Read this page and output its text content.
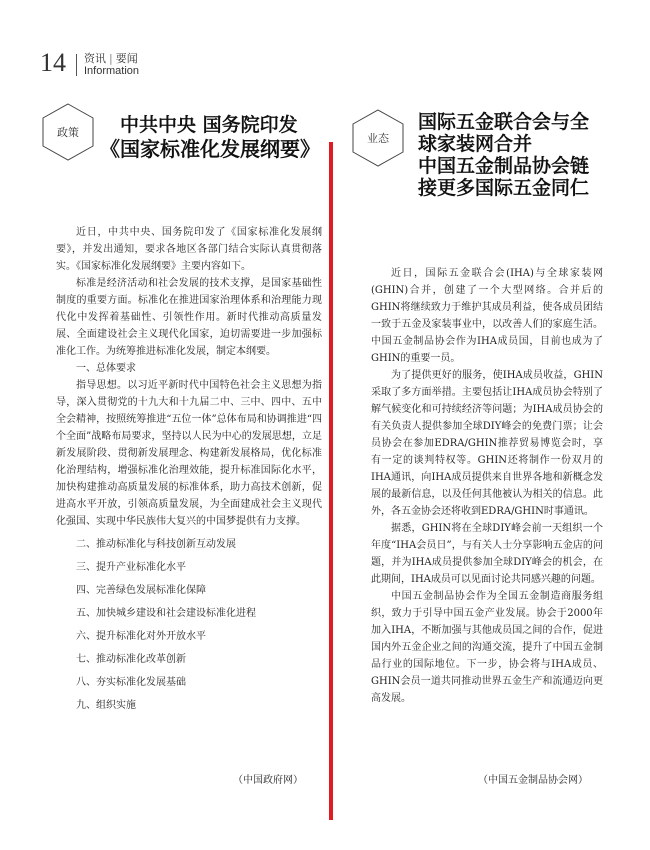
14 资讯 | 要闻
Information
政策	中共中央 国务院印发
《国家标准化发展纲要》

近日，中共中央、国务院印发了《国家标准化发展纲要》，并发出通知，要求各地区各部门结合实际认真贯彻落实。《国家标准化发展纲要》主要内容如下。

标准是经济活动和社会发展的技术支撑，是国家基础性制度的重要方面。标准化在推进国家治理体系和治理能力现代化中发挥着基础性、引领性作用。新时代推动高质量发展、全面建设社会主义现代化国家，迫切需要进一步加强标准化工作。为统筹推进标准化发展，制定本纲要。

一、总体要求

指导思想。以习近平新时代中国特色社会主义思想为指导，深入贯彻党的十九大和十九届二中、三中、四中、五中全会精神，按照统筹推进“五位一体”总体布局和协调推进“四个全面”战略布局要求，坚持以人民为中心的发展思想，立足新发展阶段、贯彻新发展理念、构建新发展格局，优化标准化治理结构，增强标准化治理效能，提升标准国际化水平，加快构建推动高质量发展的标准体系，助力高技术创新，促进高水平开放，引领高质量发展，为全面建成社会主义现代化强国、实现中华民族伟大复兴的中国梦提供有力支撑。

二、推动标准化与科技创新互动发展

三、提升产业标准化水平

四、完善绿色发展标准化保障

五、加快城乡建设和社会建设标准化进程

六、提升标准化对外开放水平

七、推动标准化改革创新

八、夯实标准化发展基础

九、组织实施

（中国政府网）
业态
国际五金联合会与全
球家装网合并
中国五金制品协会链
接更多国际五金同仁

近日，国际五金联合会(IHA)与全球家装网(GHIN)合并，创建了一个大型网络。合并后的GHIN将继续致力于维护其成员利益，使各成员团结一致于五金及家装事业中，以改善人们的家庭生活。中国五金制品协会作为IHA成员国，目前也成为了GHIN的重要一员。

为了提供更好的服务，使IHA成员收益，GHIN采取了多方面举措。主要包括让IHA成员协会特别了解气候变化和可持续经济等问题；为IHA成员协会的有关负责人提供参加全球DIY峰会的免费门票；让会员协会在参加EDRA/GHIN推荐贸易博览会时，享有一定的谈判特权等。GHIN还将制作一份双月的IHA通讯，向IHA成员提供来自世界各地和新概念发展的最新信息，以及任何其他被认为相关的信息。此外，各五金协会还将收到EDRA/GHIN时事通讯。

据悉，GHIN将在全球DIY峰会前一天组织一个年度“IHA会员日”，与有关人士分享影响五金店的问题，并为IHA成员提供参加全球DIY峰会的机会，在此期间，IHA成员可以见面讨论共同感兴趣的问题。

中国五金制品协会作为全国五金制造商服务组织，致力于引导中国五金产业发展。协会于2000年加入IHA，不断加强与其他成员国之间的合作，促进国内外五金企业之间的沟通交流，提升了中国五金制品行业的国际地位。下一步，协会将与IHA成员、GHIN会员一道共同推动世界五金生产和流通迈向更高发展。

（中国五金制品协会网）
